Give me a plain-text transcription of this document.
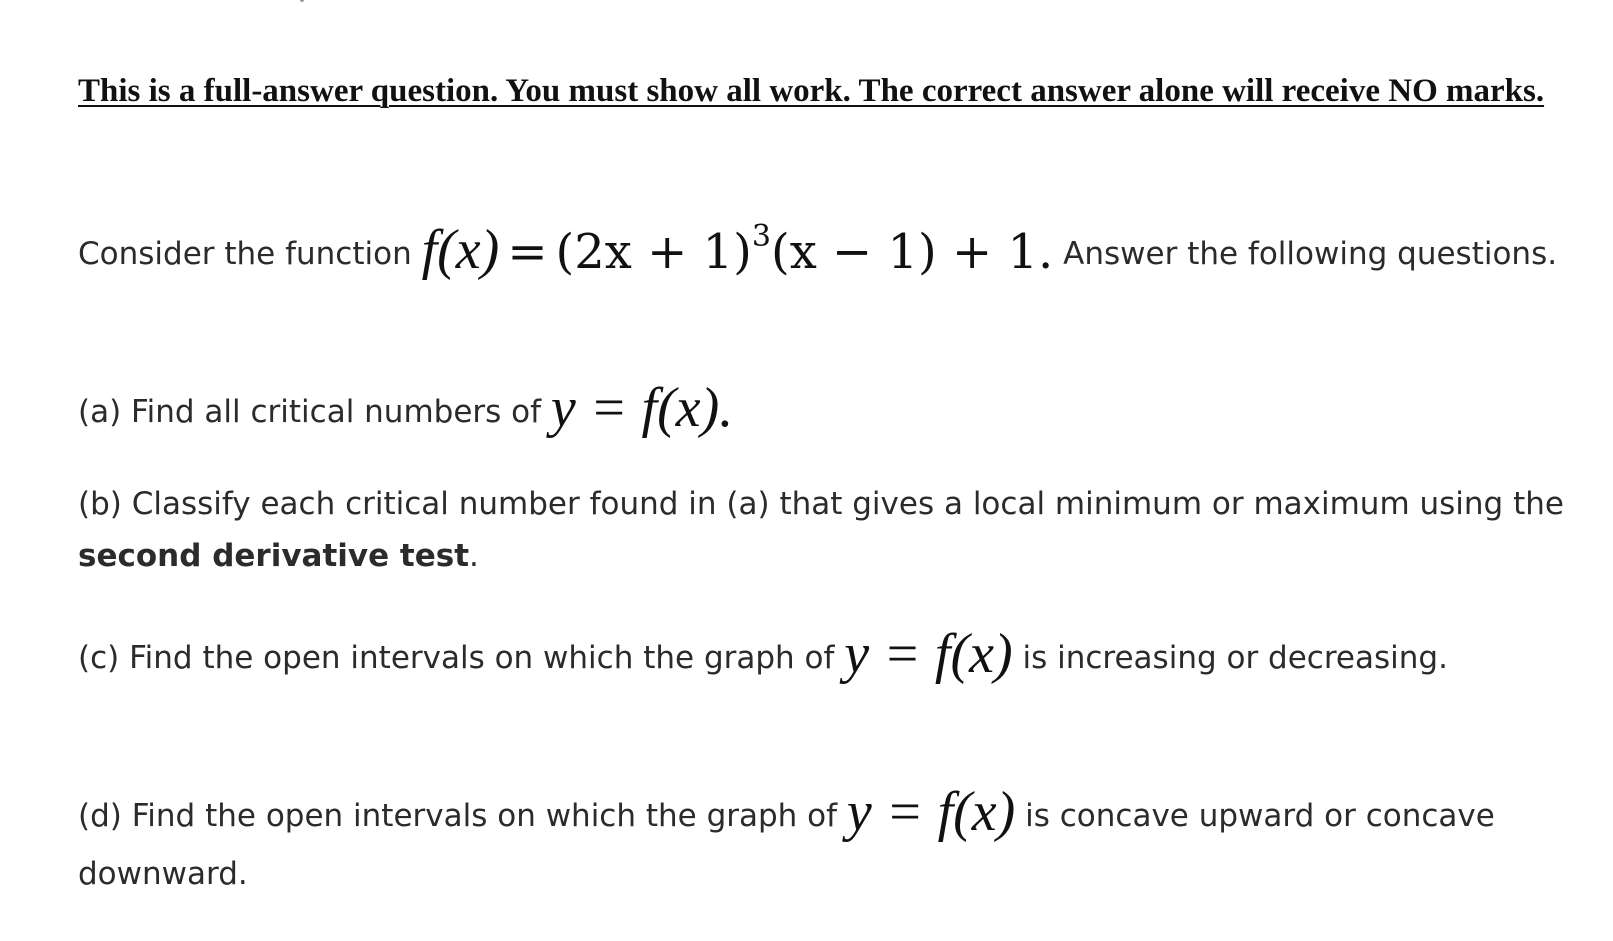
This is a full-answer question. You must show all work. The correct answer alone will receive NO marks.
Consider the function $f(x) = (2x + 1)^3(x - 1) + 1$. Answer the following questions.
(a) Find all critical numbers of y = f(x).
(b) Classify each critical number found in (a) that gives a local minimum or maximum using the second derivative test.
(c) Find the open intervals on which the graph of y = f(x) is increasing or decreasing.
(d) Find the open intervals on which the graph of y = f(x) is concave upward or concave downward.
